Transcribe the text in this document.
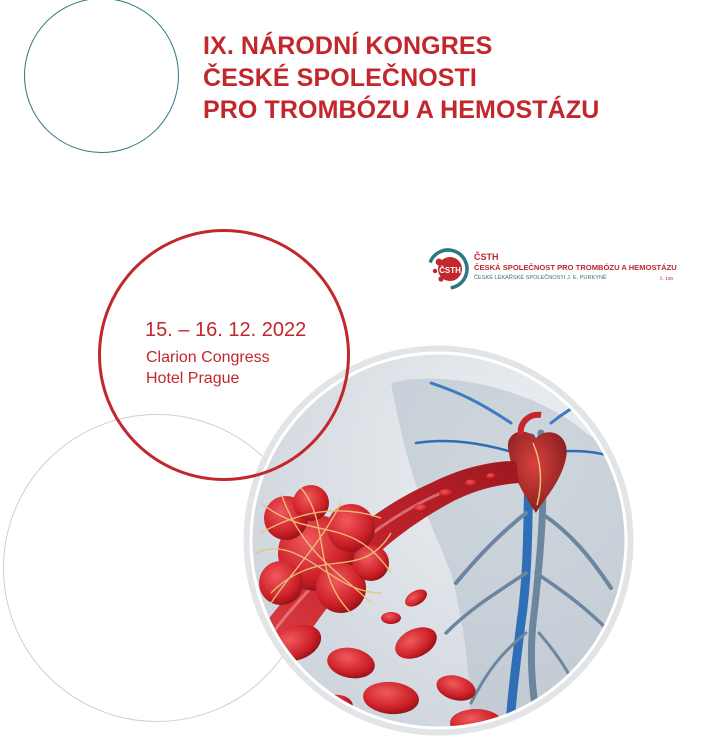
IX. NÁRODNÍ KONGRES
ČESKÉ SPOLEČNOSTI
PRO TROMBÓZU A HEMOSTÁZU
ČSTH
ČSTH
ČESKÁ SPOLEČNOST PRO TROMBÓZU A HEMOSTÁZU
ČESKÉ LÉKAŘSKÉ SPOLEČNOSTI J. E. PURKYNĚ	č. 100
15. – 16. 12. 2022
Clarion Congress
Hotel Prague
